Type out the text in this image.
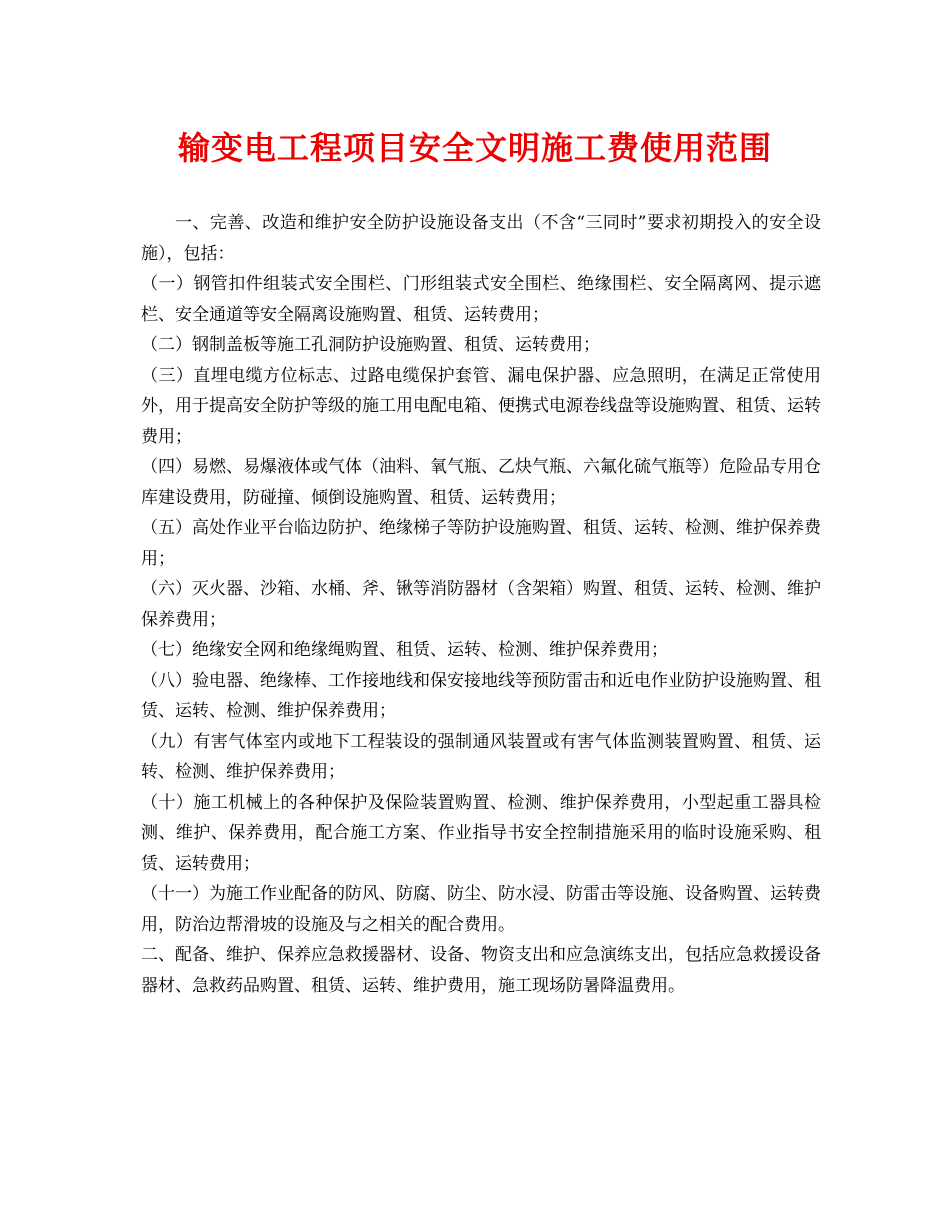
输变电工程项目安全文明施工费使用范围

一、完善、改造和维护安全防护设施设备支出（不含“三同时”要求初期投入的安全设施），包括：

（一）钢管扣件组装式安全围栏、门形组装式安全围栏、绝缘围栏、安全隔离网、提示遮栏、安全通道等安全隔离设施购置、租赁、运转费用；

（二）钢制盖板等施工孔洞防护设施购置、租赁、运转费用；

（三）直埋电缆方位标志、过路电缆保护套管、漏电保护器、应急照明，在满足正常使用外，用于提高安全防护等级的施工用电配电箱、便携式电源卷线盘等设施购置、租赁、运转费用；

（四）易燃、易爆液体或气体（油料、氧气瓶、乙炔气瓶、六氟化硫气瓶等）危险品专用仓库建设费用，防碰撞、倾倒设施购置、租赁、运转费用；

（五）高处作业平台临边防护、绝缘梯子等防护设施购置、租赁、运转、检测、维护保养费用；

（六）灭火器、沙箱、水桶、斧、锹等消防器材（含架箱）购置、租赁、运转、检测、维护保养费用；

（七）绝缘安全网和绝缘绳购置、租赁、运转、检测、维护保养费用；

（八）验电器、绝缘棒、工作接地线和保安接地线等预防雷击和近电作业防护设施购置、租赁、运转、检测、维护保养费用；

（九）有害气体室内或地下工程装设的强制通风装置或有害气体监测装置购置、租赁、运转、检测、维护保养费用；

（十）施工机械上的各种保护及保险装置购置、检测、维护保养费用，小型起重工器具检测、维护、保养费用，配合施工方案、作业指导书安全控制措施采用的临时设施采购、租赁、运转费用；

（十一）为施工作业配备的防风、防腐、防尘、防水浸、防雷击等设施、设备购置、运转费用，防治边帮滑坡的设施及与之相关的配合费用。

二、配备、维护、保养应急救援器材、设备、物资支出和应急演练支出，包括应急救援设备器材、急救药品购置、租赁、运转、维护费用，施工现场防暑降温费用。
